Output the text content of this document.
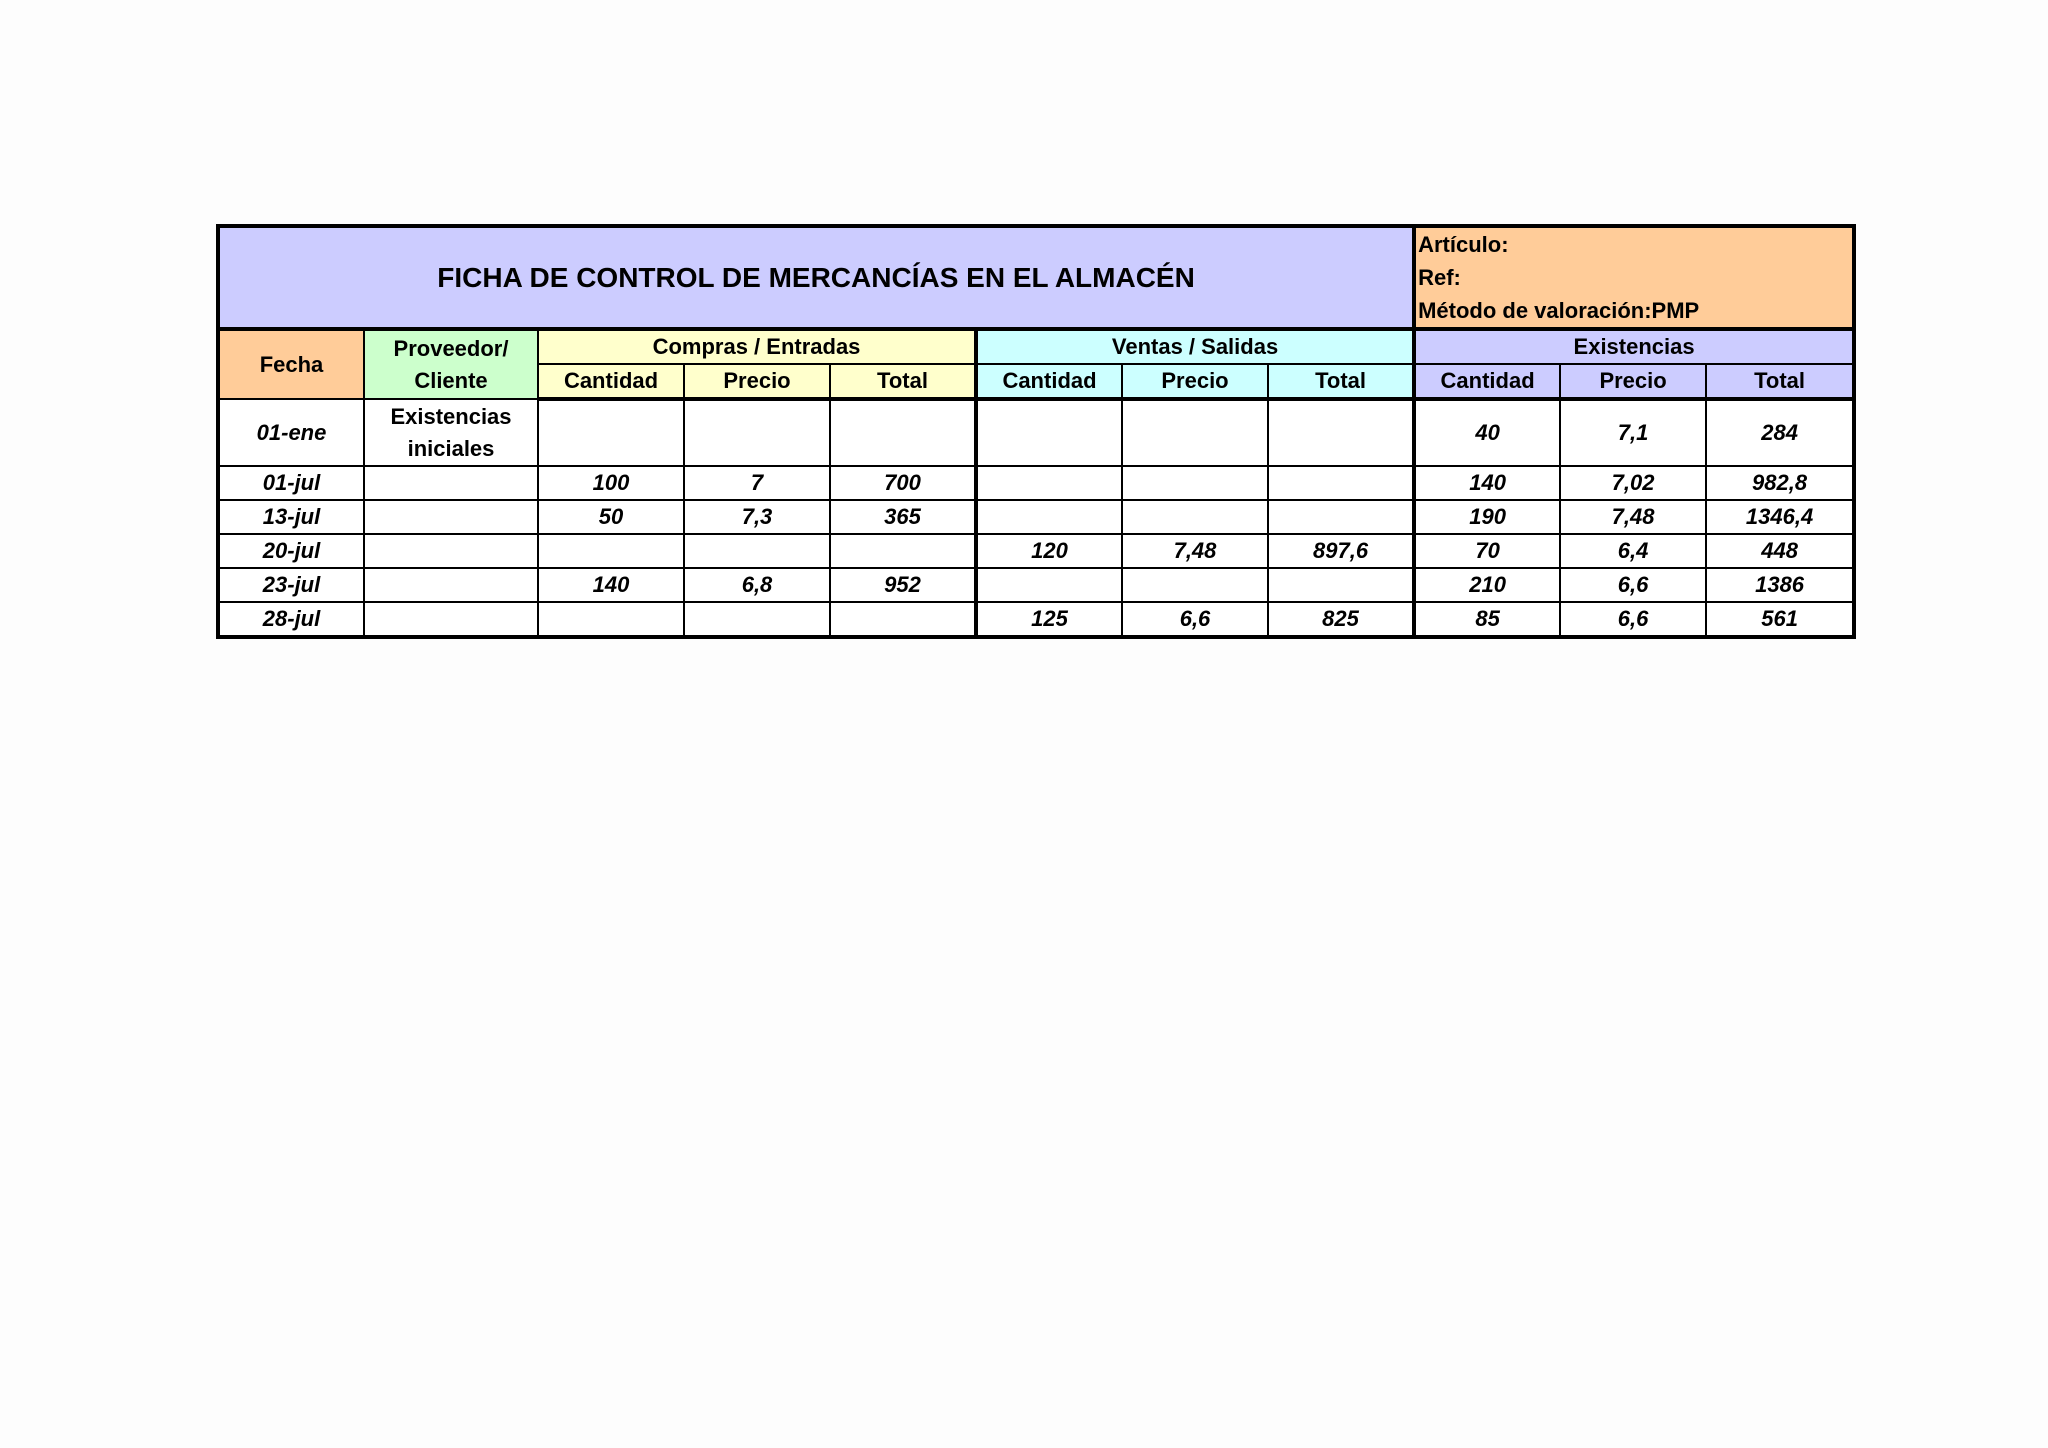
FICHA DE CONTROL DE MERCANCÍAS EN EL ALMACÉN								Artículo:
Ref:
Método de valoración:PMP		

Fecha	Proveedor/ Cliente	Compras / Entradas			Ventas / Salidas			Existencias		
		Cantidad	Precio	Total	Cantidad	Precio	Total	Cantidad	Precio	Total
01-ene	Existencias iniciales							40	7,1	284
01-jul		100	7	700				140	7,02	982,8
13-jul		50	7,3	365				190	7,48	1346,4
20-jul					120	7,48	897,6	70	6,4	448
23-jul		140	6,8	952				210	6,6	1386
28-jul					125	6,6	825	85	6,6	561
